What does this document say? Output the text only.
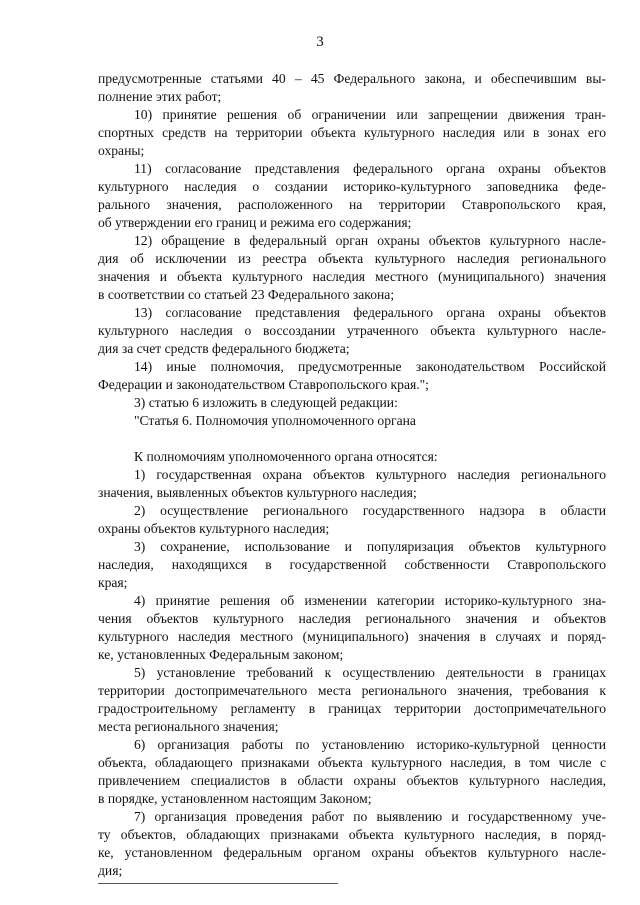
3
предусмотренные статьями 40 – 45 Федерального закона, и обеспечившим вы-
полнение этих работ;
10) принятие решения об ограничении или запрещении движения тран-
спортных средств на территории объекта культурного наследия или в зонах его
охраны;
11) согласование представления федерального органа охраны объектов
культурного наследия о создании историко-культурного заповедника феде-
рального значения, расположенного на территории Ставропольского края,
об утверждении его границ и режима его содержания;
12) обращение в федеральный орган охраны объектов культурного насле-
дия об исключении из реестра объекта культурного наследия регионального
значения и объекта культурного наследия местного (муниципального) значения
в соответствии со статьей 23 Федерального закона;
13) согласование представления федерального органа охраны объектов
культурного наследия о воссоздании утраченного объекта культурного насле-
дия за счет средств федерального бюджета;
14) иные полномочия, предусмотренные законодательством Российской
Федерации и законодательством Ставропольского края.";
3) статью 6 изложить в следующей редакции:
"Статья 6. Полномочия уполномоченного органа
К полномочиям уполномоченного органа относятся:
1) государственная охрана объектов культурного наследия регионального
значения, выявленных объектов культурного наследия;
2) осуществление регионального государственного надзора в области
охраны объектов культурного наследия;
3) сохранение, использование и популяризация объектов культурного
наследия, находящихся в государственной собственности Ставропольского
края;
4) принятие решения об изменении категории историко-культурного зна-
чения объектов культурного наследия регионального значения и объектов
культурного наследия местного (муниципального) значения в случаях и поряд-
ке, установленных Федеральным законом;
5) установление требований к осуществлению деятельности в границах
территории достопримечательного места регионального значения, требования к
градостроительному регламенту в границах территории достопримечательного
места регионального значения;
6) организация работы по установлению историко-культурной ценности
объекта, обладающего признаками объекта культурного наследия, в том числе с
привлечением специалистов в области охраны объектов культурного наследия,
в порядке, установленном настоящим Законом;
7) организация проведения работ по выявлению и государственному уче-
ту объектов, обладающих признаками объекта культурного наследия, в поряд-
ке, установленном федеральным органом охраны объектов культурного насле-
дия;
